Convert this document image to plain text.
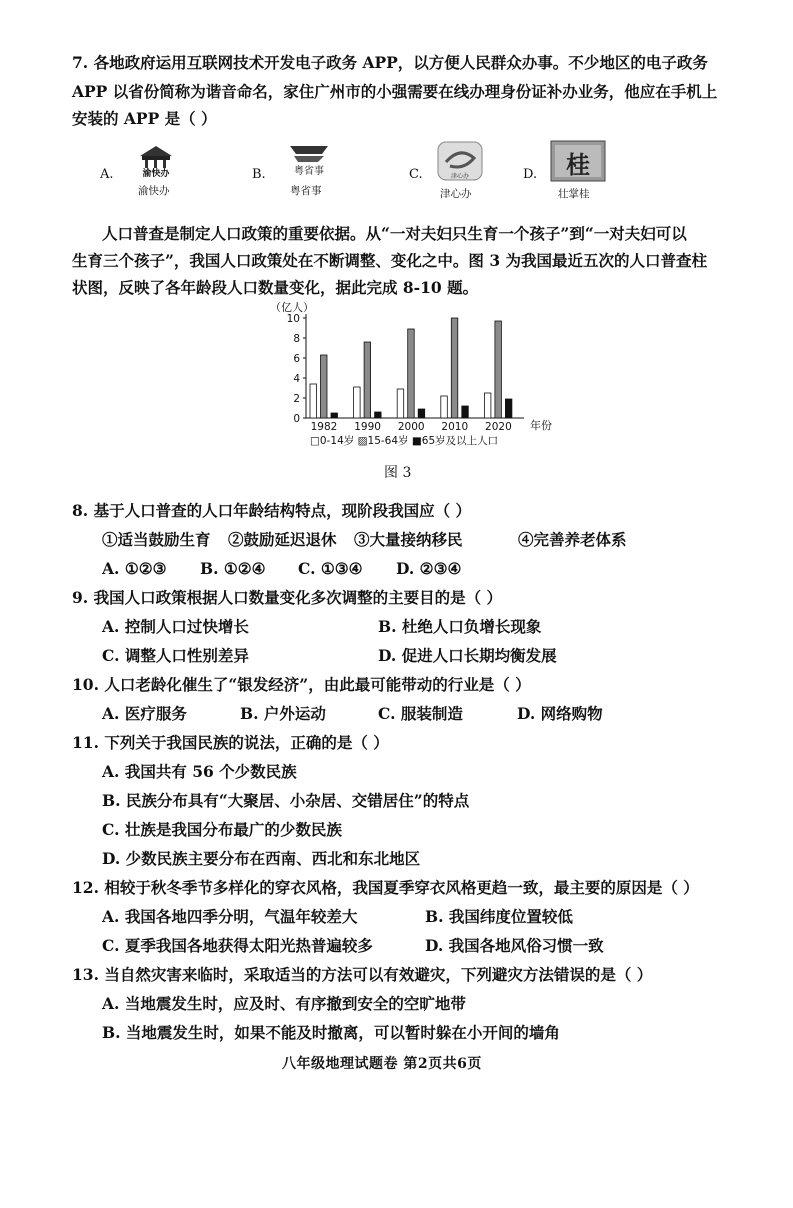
7. 各地政府运用互联网技术开发电子政务 APP，以方便人民群众办事。不少地区的电子政务
APP 以省份简称为谐音命名，家住广州市的小强需要在线办理身份证补办业务，他应在手机上
安装的 APP 是（ ）
A.	渝快办
渝快办
B.	粤省事
粤省事
C.	津心办
津心办
D. 桂
壮掌桂
人口普查是制定人口政策的重要依据。从“一对夫妇只生育一个孩子”到“一对夫妇可以
生育三个孩子”，我国人口政策处在不断调整、变化之中。图 3 为我国最近五次的人口普查柱
状图，反映了各年龄段人口数量变化，据此完成 8-10 题。
（亿人）
年份
□0-14岁 ▨15-64岁 ■65岁及以上人口
0
2
4
6
8
10
1982 1990 2000 2010 2020
图 3
8. 基于人口普查的人口年龄结构特点，现阶段我国应（ ）
①适当鼓励生育 ②鼓励延迟退休 ③大量接纳移民	④完善养老体系
A. ①②③ B. ①②④ C. ①③④ D. ②③④
9. 我国人口政策根据人口数量变化多次调整的主要目的是（ ）
A. 控制人口过快增长	B. 杜绝人口负增长现象
C. 调整人口性别差异	D. 促进人口长期均衡发展
10. 人口老龄化催生了“银发经济”，由此最可能带动的行业是（ ）
A. 医疗服务	B. 户外运动	C. 服装制造	D. 网络购物
11. 下列关于我国民族的说法，正确的是（ ）
A. 我国共有 56 个少数民族
B. 民族分布具有“大聚居、小杂居、交错居住”的特点
C. 壮族是我国分布最广的少数民族
D. 少数民族主要分布在西南、西北和东北地区
12. 相较于秋冬季节多样化的穿衣风格，我国夏季穿衣风格更趋一致，最主要的原因是（ ）
A. 我国各地四季分明，气温年较差大	B. 我国纬度位置较低
C. 夏季我国各地获得太阳光热普遍较多	D. 我国各地风俗习惯一致
13. 当自然灾害来临时，采取适当的方法可以有效避灾，下列避灾方法错误的是（ ）
A. 当地震发生时，应及时、有序撤到安全的空旷地带
B. 当地震发生时，如果不能及时撤离，可以暂时躲在小开间的墙角
八年级地理试题卷 第2页共6页
